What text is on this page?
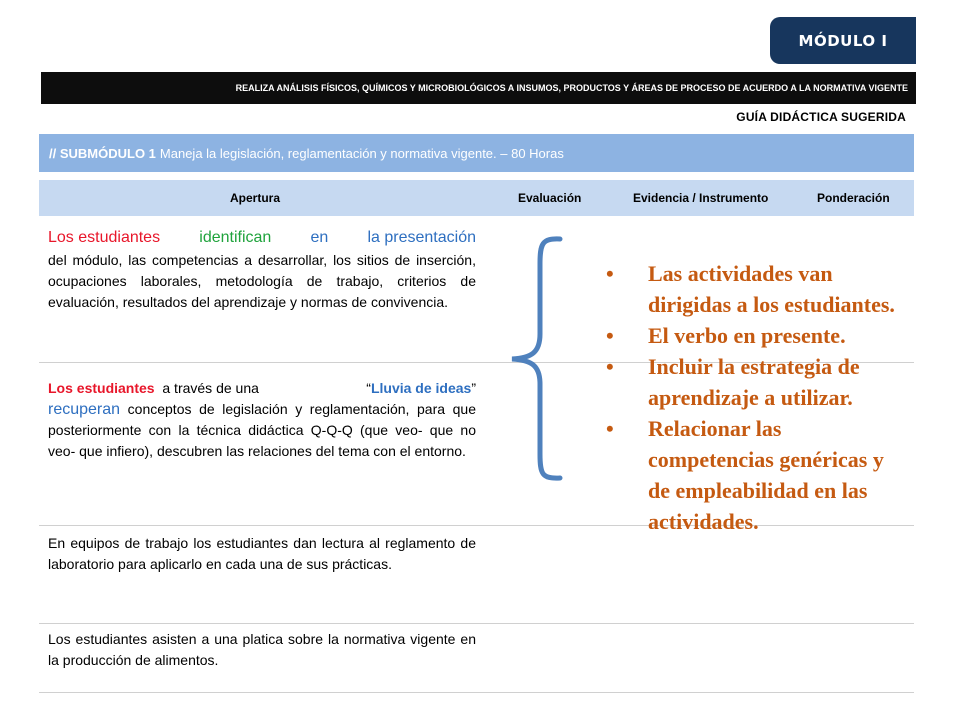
MÓDULO I
REALIZA ANÁLISIS FÍSICOS, QUÍMICOS Y MICROBIOLÓGICOS A INSUMOS, PRODUCTOS Y ÁREAS DE PROCESO DE ACUERDO A LA NORMATIVA VIGENTE
GUÍA DIDÁCTICA SUGERIDA
// SUBMÓDULO 1 Maneja la legislación, reglamentación y normativa vigente. – 80 Horas
Apertura	Evaluación	Evidencia / Instrumento	Ponderación
Los estudiantes identifican en la presentación
del módulo, las competencias a desarrollar, los sitios de inserción, ocupaciones laborales, metodología de trabajo, criterios de evaluación, resultados del aprendizaje y normas de convivencia.
Los estudiantes a través de una	“Lluvia de ideas”
recuperan conceptos de legislación y reglamentación, para que posteriormente con la técnica didáctica Q-Q-Q (que veo- que no veo- que infiero), descubren las relaciones del tema con el entorno.
En equipos de trabajo los estudiantes dan lectura al reglamento de laboratorio para aplicarlo en cada una de sus prácticas.
Los estudiantes asisten a una platica sobre la normativa vigente en la producción de alimentos.
• Las actividades van dirigidas a los estudiantes.
• El verbo en presente.
• Incluir la estrategia de aprendizaje a utilizar.
• Relacionar las competencias genéricas y de empleabilidad en las actividades.
